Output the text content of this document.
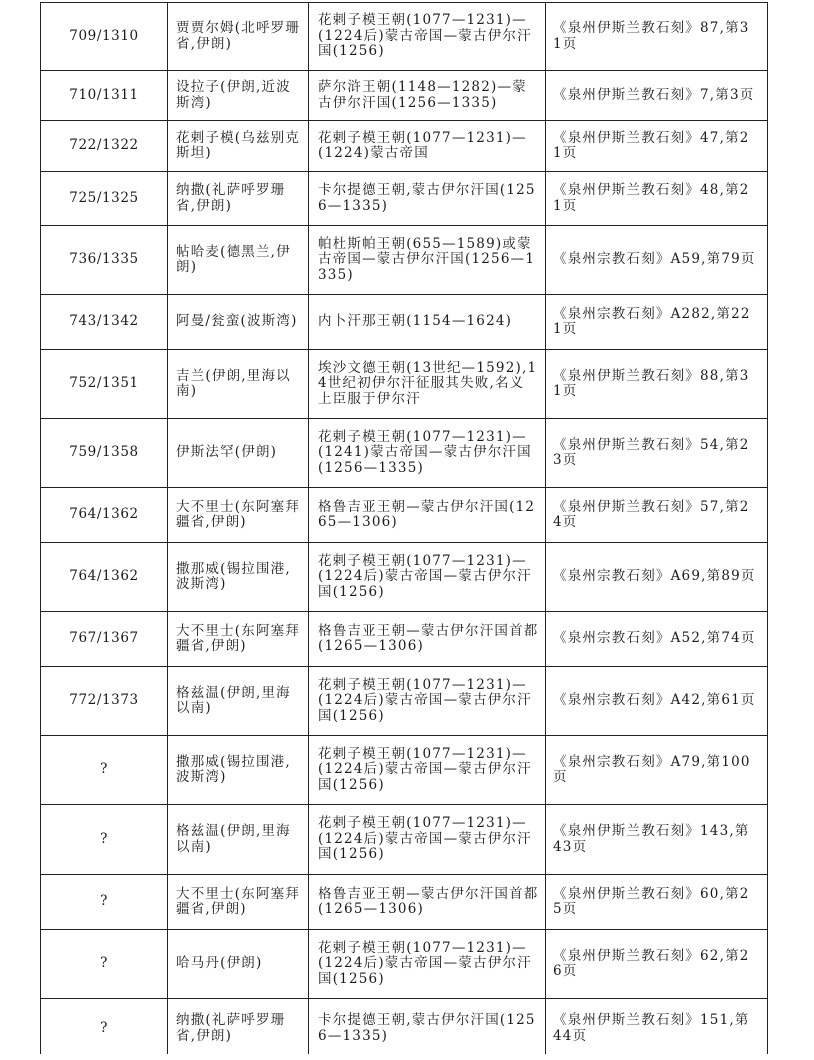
709/1310	贾贾尔姆(北呼罗珊省,伊朗)	花剌子模王朝(1077—1231)—(1224后)蒙古帝国—蒙古伊尔汗国(1256)	《泉州伊斯兰教石刻》87,第31页
710/1311	设拉子(伊朗,近波斯湾)	萨尔浒王朝(1148—1282)—蒙古伊尔汗国(1256—1335)	《泉州伊斯兰教石刻》7,第3页
722/1322	花剌子模(乌兹别克斯坦)	花剌子模王朝(1077—1231)—(1224)蒙古帝国	《泉州伊斯兰教石刻》47,第21页
725/1325	纳撒(礼萨呼罗珊省,伊朗)	卡尔提德王朝,蒙古伊尔汗国(1256—1335)	《泉州伊斯兰教石刻》48,第21页
736/1335	帖哈麦(德黑兰,伊朗)	帕杜斯帕王朝(655—1589)或蒙古帝国—蒙古伊尔汗国(1256—1335)	《泉州宗教石刻》A59,第79页
743/1342	阿曼/瓮蛮(波斯湾)	内卜汗那王朝(1154—1624)	《泉州宗教石刻》A282,第221页
752/1351	吉兰(伊朗,里海以南)	埃沙文德王朝(13世纪—1592),14世纪初伊尔汗征服其失败,名义上臣服于伊尔汗	《泉州伊斯兰教石刻》88,第31页
759/1358	伊斯法罕(伊朗)	花剌子模王朝(1077—1231)—(1241)蒙古帝国—蒙古伊尔汗国(1256—1335)	《泉州伊斯兰教石刻》54,第23页
764/1362	大不里士(东阿塞拜疆省,伊朗)	格鲁吉亚王朝—蒙古伊尔汗国(1265—1306)	《泉州伊斯兰教石刻》57,第24页
764/1362	撒那威(锡拉围港,波斯湾)	花剌子模王朝(1077—1231)—(1224后)蒙古帝国—蒙古伊尔汗国(1256)	《泉州宗教石刻》A69,第89页
767/1367	大不里士(东阿塞拜疆省,伊朗)	格鲁吉亚王朝—蒙古伊尔汗国首都(1265—1306)	《泉州宗教石刻》A52,第74页
772/1373	格兹温(伊朗,里海以南)	花剌子模王朝(1077—1231)—(1224后)蒙古帝国—蒙古伊尔汗国(1256)	《泉州宗教石刻》A42,第61页
?	撒那威(锡拉围港,波斯湾)	花剌子模王朝(1077—1231)—(1224后)蒙古帝国—蒙古伊尔汗国(1256)	《泉州宗教石刻》A79,第100页
?	格兹温(伊朗,里海以南)	花剌子模王朝(1077—1231)—(1224后)蒙古帝国—蒙古伊尔汗国(1256)	《泉州伊斯兰教石刻》143,第43页
?	大不里士(东阿塞拜疆省,伊朗)	格鲁吉亚王朝—蒙古伊尔汗国首都(1265—1306)	《泉州伊斯兰教石刻》60,第25页
?	哈马丹(伊朗)	花剌子模王朝(1077—1231)—(1224后)蒙古帝国—蒙古伊尔汗国(1256)	《泉州伊斯兰教石刻》62,第26页
?	纳撒(礼萨呼罗珊省,伊朗)	卡尔提德王朝,蒙古伊尔汗国(1256—1335)	《泉州伊斯兰教石刻》151,第44页
